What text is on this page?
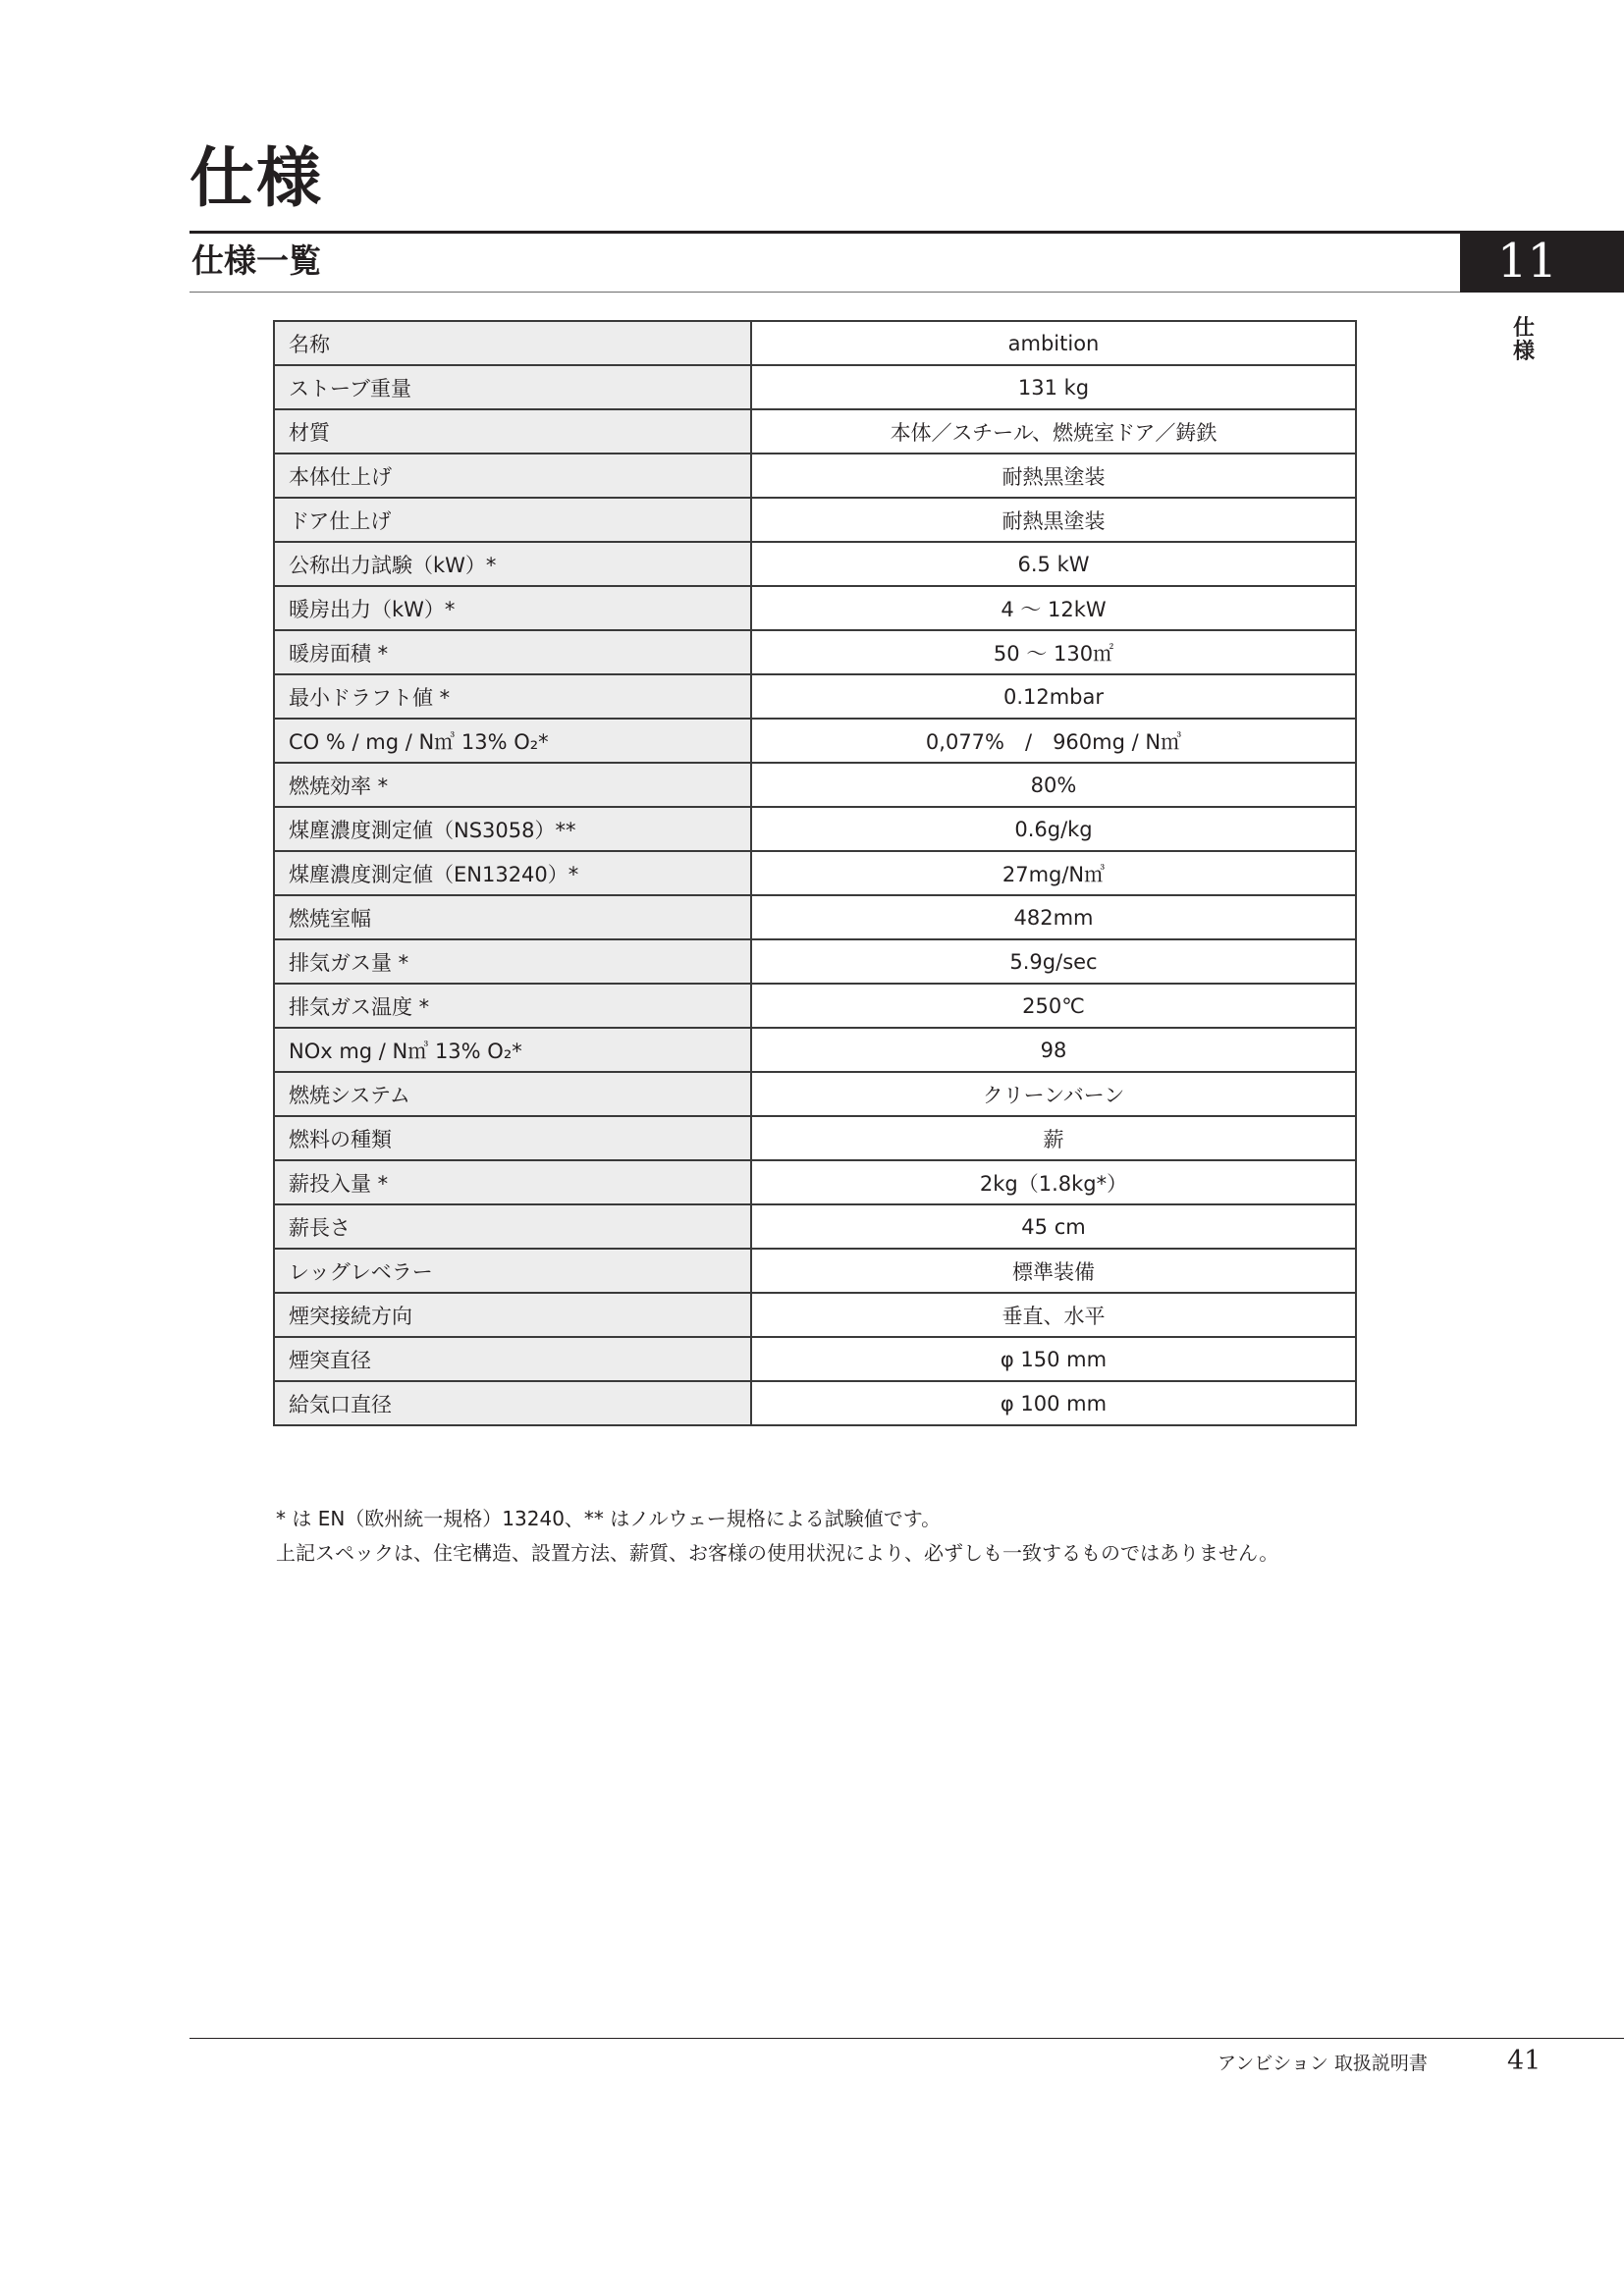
仕様
仕様一覧	11
仕様
名称	ambition
ストーブ重量	131 kg
材質	本体／スチール、燃焼室ドア／鋳鉄
本体仕上げ	耐熱黒塗装
ドア仕上げ	耐熱黒塗装
公称出力試験（kW）*	6.5 kW
暖房出力（kW）*	4 ～ 12kW
暖房面積 *	50 ～ 130㎡
最小ドラフト値 *	0.12mbar
CO % / mg / N㎥ 13% O₂*	0,077%　/　960mg / N㎥
燃焼効率 *	80%
煤塵濃度測定値（NS3058）**	0.6g/kg
煤塵濃度測定値（EN13240）*	27mg/N㎥
燃焼室幅	482mm
排気ガス量 *	5.9g/sec
排気ガス温度 *	250℃
NOx mg / N㎥ 13% O₂*	98
燃焼システム	クリーンバーン
燃料の種類	薪
薪投入量 *	2kg（1.8kg*）
薪長さ	45 cm
レッグレベラー	標準装備
煙突接続方向	垂直、水平
煙突直径	φ 150 mm
給気口直径	φ 100 mm
* は EN（欧州統一規格）13240、** はノルウェー規格による試験値です。
上記スペックは、住宅構造、設置方法、薪質、お客様の使用状況により、必ずしも一致するものではありません。
アンビション 取扱説明書	41
